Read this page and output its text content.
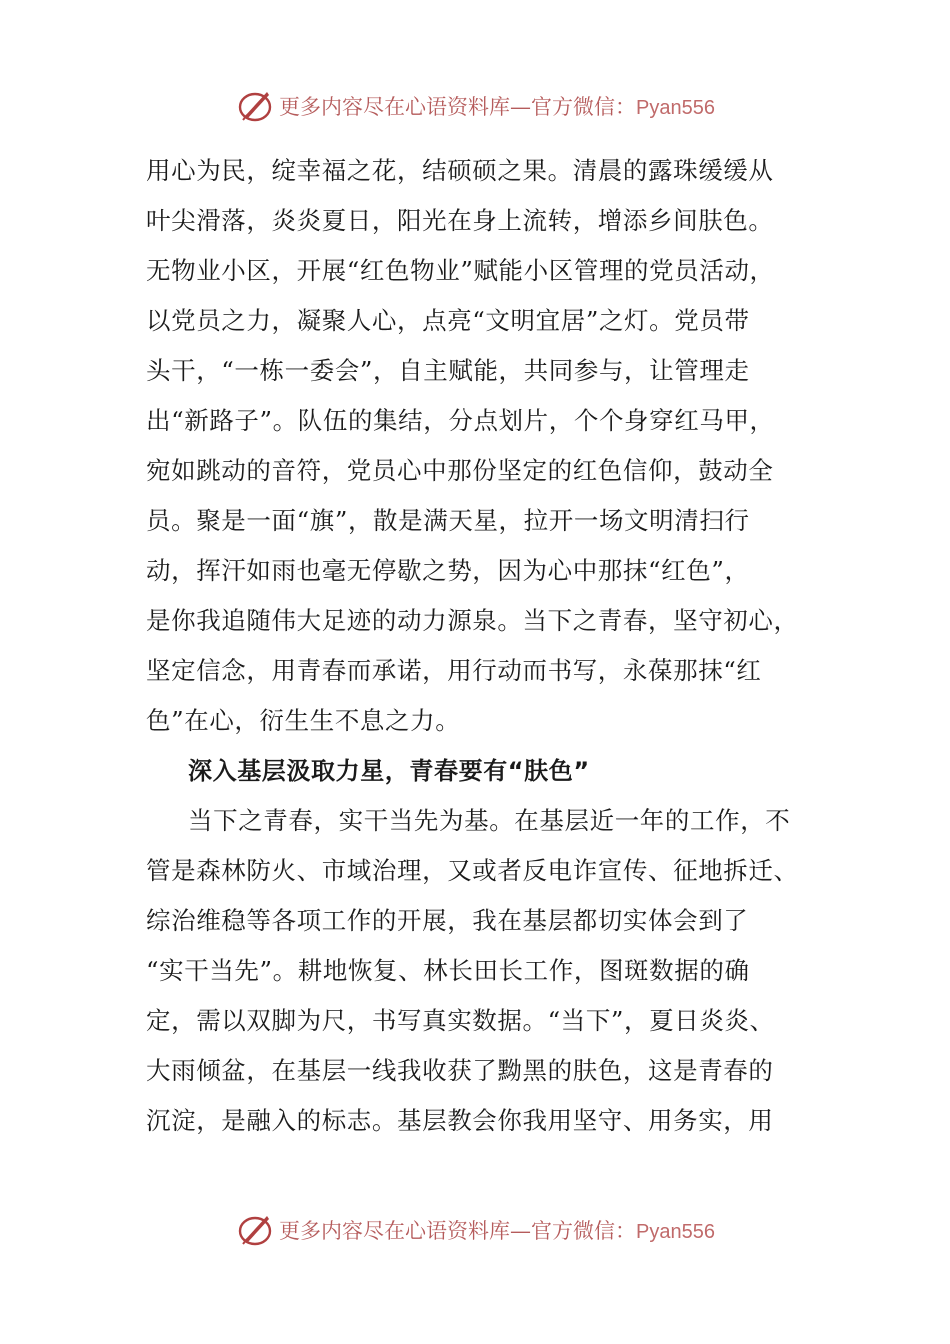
更多内容尽在心语资料库—官方微信：Pyan556
用心为民，绽幸福之花，结硕硕之果。清晨的露珠缓缓从
叶尖滑落，炎炎夏日，阳光在身上流转，增添乡间肤色。
无物业小区，开展“红色物业”赋能小区管理的党员活动，
以党员之力，凝聚人心，点亮“文明宜居”之灯。党员带
头干，“一栋一委会”，自主赋能，共同参与，让管理走
出“新路子”。队伍的集结，分点划片，个个身穿红马甲，
宛如跳动的音符，党员心中那份坚定的红色信仰，鼓动全
员。聚是一面“旗”，散是满天星，拉开一场文明清扫行
动，挥汗如雨也毫无停歇之势，因为心中那抹“红色”，
是你我追随伟大足迹的动力源泉。当下之青春，坚守初心，
坚定信念，用青春而承诺，用行动而书写，永葆那抹“红
色”在心，衍生生不息之力。
深入基层汲取力星，青春要有“肤色”
当下之青春，实干当先为基。在基层近一年的工作，不
管是森林防火、市域治理，又或者反电诈宣传、征地拆迁、
综治维稳等各项工作的开展，我在基层都切实体会到了
“实干当先”。耕地恢复、林长田长工作，图斑数据的确
定，需以双脚为尺，书写真实数据。“当下”，夏日炎炎、
大雨倾盆，在基层一线我收获了黝黑的肤色，这是青春的
沉淀，是融入的标志。基层教会你我用坚守、用务实，用
更多内容尽在心语资料库—官方微信：Pyan556
